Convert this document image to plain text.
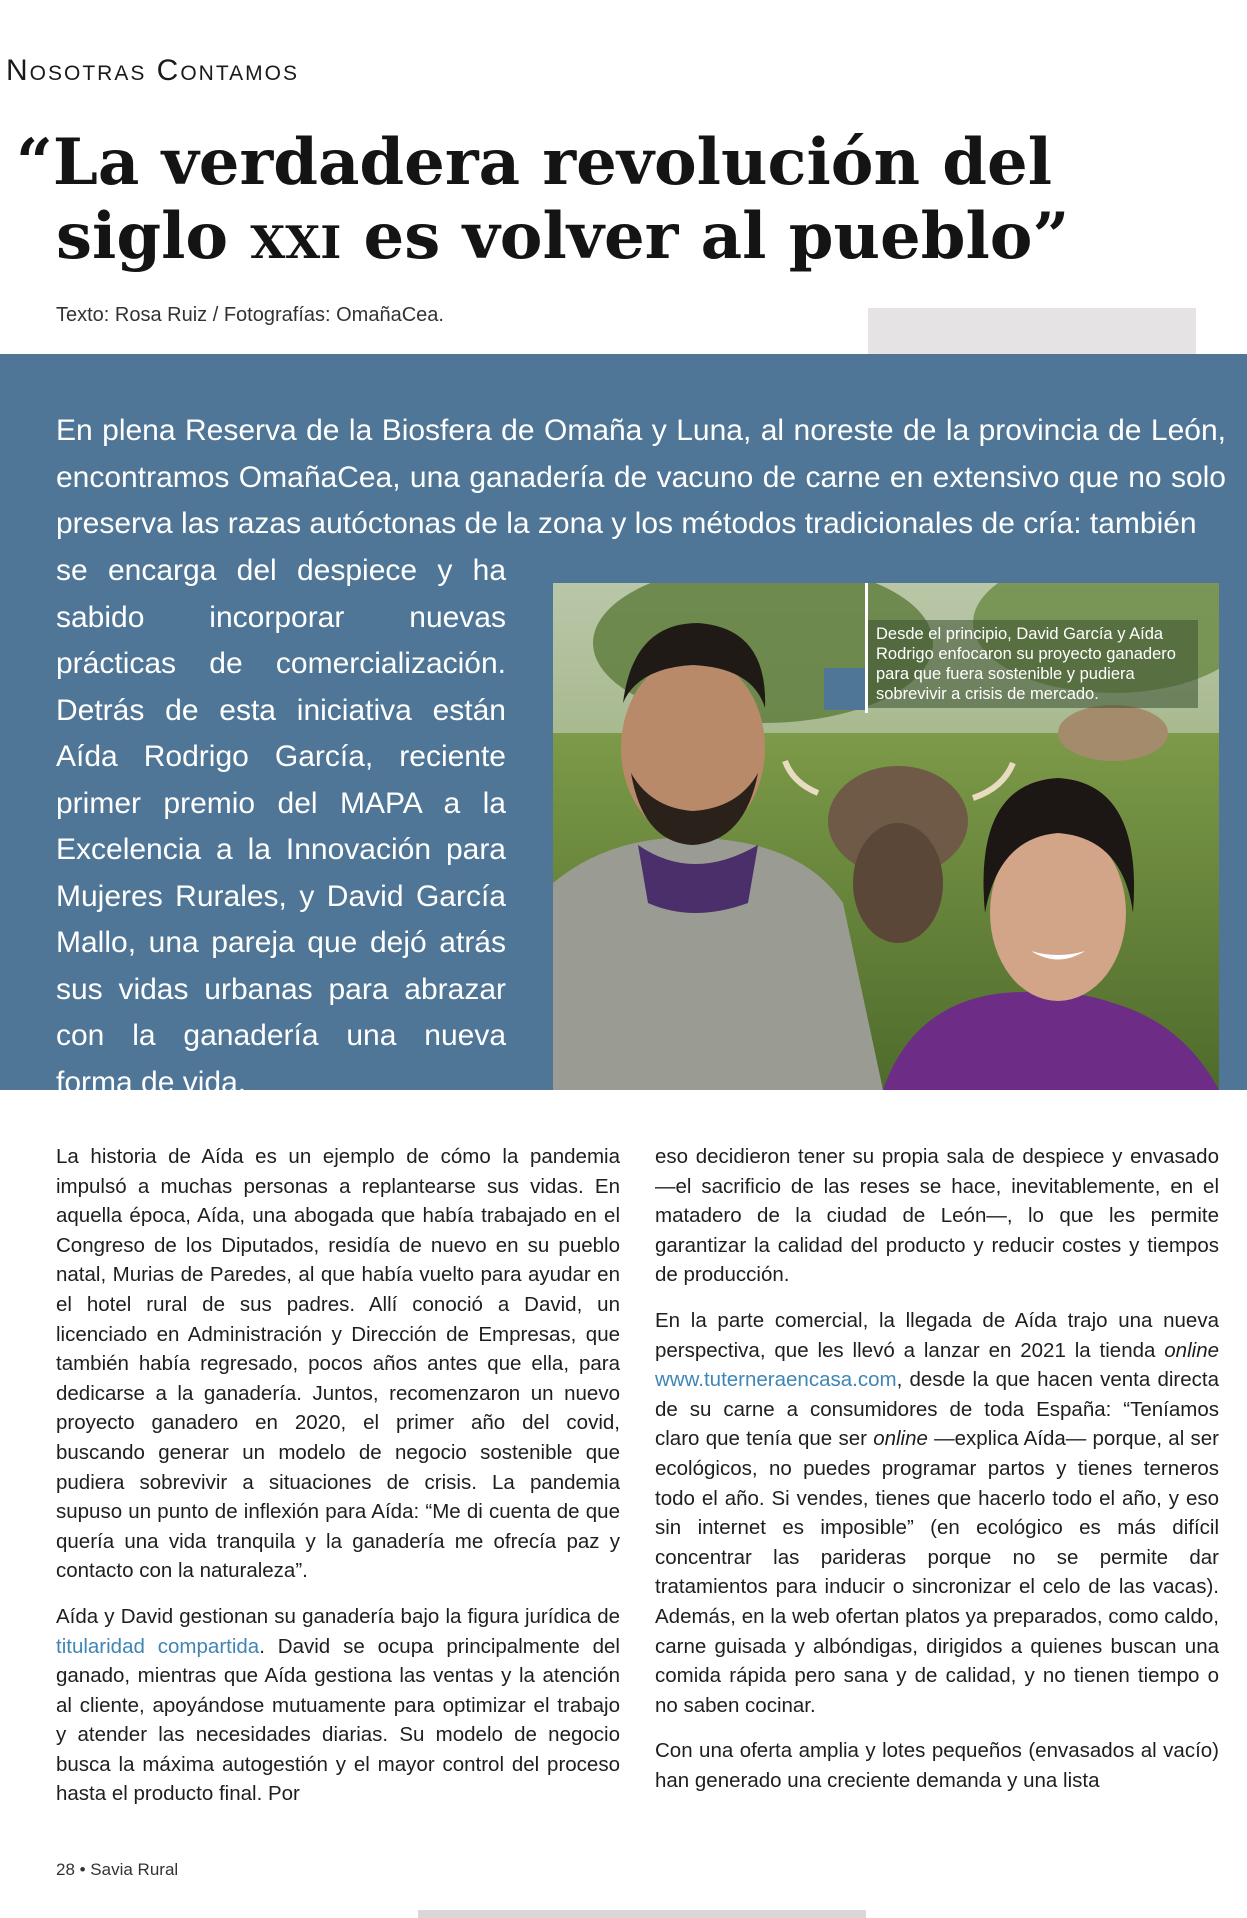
Nosotras Contamos
“La verdadera revolución del
siglo xxi es volver al pueblo”
Texto: Rosa Ruiz / Fotografías: OmañaCea.

En plena Reserva de la Biosfera de Omaña y Luna, al noreste de la provincia de León, encontramos OmañaCea, una ganadería de vacuno de carne en extensivo que no solo preserva las razas autóctonas de la zona y los métodos tradicionales de cría: también

se encarga del despiece y ha sabido incorporar nuevas prácticas de comercialización. Detrás de esta iniciativa están Aída Rodrigo García, reciente primer premio del MAPA a la Excelencia a la Innovación para Mujeres Rurales, y David García Mallo, una pareja que dejó atrás sus vidas urbanas para abrazar con la ganadería una nueva forma de vida.

Desde el principio, David García y Aída Rodrigo enfocaron su proyecto ganadero para que fuera sostenible y pudiera sobrevivir a crisis de mercado.

La historia de Aída es un ejemplo de cómo la pandemia impulsó a muchas personas a replantearse sus vidas. En aquella época, Aída, una abogada que había trabajado en el Congreso de los Diputados, residía de nuevo en su pueblo natal, Murias de Paredes, al que había vuelto para ayudar en el hotel rural de sus padres. Allí conoció a David, un licenciado en Administración y Dirección de Empresas, que también había regresado, pocos años antes que ella, para dedicarse a la ganadería. Juntos, recomenzaron un nuevo proyecto ganadero en 2020, el primer año del covid, buscando generar un modelo de negocio sostenible que pudiera sobrevivir a situaciones de crisis. La pandemia supuso un punto de inflexión para Aída: “Me di cuenta de que quería una vida tranquila y la ganadería me ofrecía paz y contacto con la naturaleza”.

Aída y David gestionan su ganadería bajo la figura jurídica de titularidad compartida. David se ocupa principalmente del ganado, mientras que Aída gestiona las ventas y la atención al cliente, apoyándose mutuamente para optimizar el trabajo y atender las necesidades diarias. Su modelo de negocio busca la máxima autogestión y el mayor control del proceso hasta el producto final. Por

eso decidieron tener su propia sala de despiece y envasado —el sacrificio de las reses se hace, inevitablemente, en el matadero de la ciudad de León—, lo que les permite garantizar la calidad del producto y reducir costes y tiempos de producción.

En la parte comercial, la llegada de Aída trajo una nueva perspectiva, que les llevó a lanzar en 2021 la tienda online www.tuterneraencasa.com, desde la que hacen venta directa de su carne a consumidores de toda España: “Teníamos claro que tenía que ser online —explica Aída— porque, al ser ecológicos, no puedes programar partos y tienes terneros todo el año. Si vendes, tienes que hacerlo todo el año, y eso sin internet es imposible” (en ecológico es más difícil concentrar las parideras porque no se permite dar tratamientos para inducir o sincronizar el celo de las vacas). Además, en la web ofertan platos ya preparados, como caldo, carne guisada y albóndigas, dirigidos a quienes buscan una comida rápida pero sana y de calidad, y no tienen tiempo o no saben cocinar.

Con una oferta amplia y lotes pequeños (envasados al vacío) han generado una creciente demanda y una lista

28 • Savia Rural
